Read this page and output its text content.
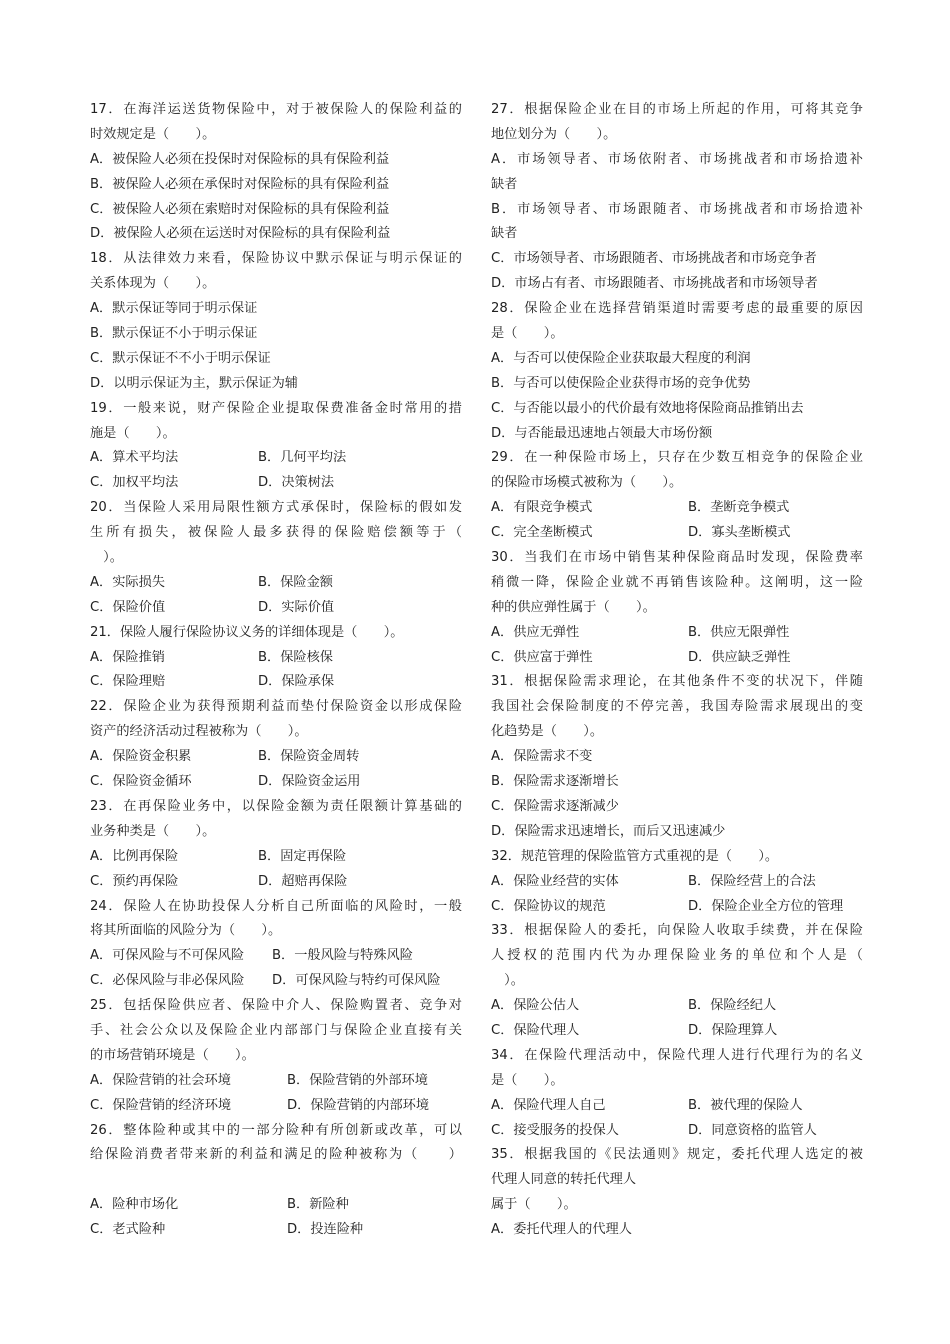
17．在海洋运送货物保险中，对于被保险人的保险利益的
时效规定是（　　）。
A．被保险人必须在投保时对保险标的具有保险利益
B．被保险人必须在承保时对保险标的具有保险利益
C．被保险人必须在索赔时对保险标的具有保险利益
D．被保险人必须在运送时对保险标的具有保险利益
18．从法律效力来看，保险协议中默示保证与明示保证的
关系体现为（　　）。
A．默示保证等同于明示保证
B．默示保证不小于明示保证
C．默示保证不不小于明示保证
D．以明示保证为主，默示保证为辅
19．一般来说，财产保险企业提取保费准备金时常用的措
施是（　　）。
A．算术平均法	B．几何平均法
C．加权平均法	D．决策树法
20．当保险人采用局限性额方式承保时，保险标的假如发
生所有损失，被保险人最多获得的保险赔偿额等于（
　）。
A．实际损失	B．保险金额
C．保险价值	D．实际价值
21．保险人履行保险协议义务的详细体现是（　　）。
A．保险推销	B．保险核保
C．保险理赔	D．保险承保
22．保险企业为获得预期利益而垫付保险资金以形成保险
资产的经济活动过程被称为（　　）。
A．保险资金积累	B．保险资金周转
C．保险资金循环	D．保险资金运用
23．在再保险业务中，以保险金额为责任限额计算基础的
业务种类是（　　）。
A．比例再保险	B．固定再保险
C．预约再保险	D．超赔再保险
24．保险人在协助投保人分析自己所面临的风险时，一般
将其所面临的风险分为（　　）。
A．可保风险与不可保风险	B．一般风险与特殊风险
C．必保风险与非必保风险	D．可保风险与特约可保风险
25．包括保险供应者、保险中介人、保险购置者、竞争对
手、社会公众以及保险企业内部部门与保险企业直接有关
的市场营销环境是（　　）。
A．保险营销的社会环境	B．保险营销的外部环境
C．保险营销的经济环境	D．保险营销的内部环境
26．整体险种或其中的一部分险种有所创新或改革，可以
给保险消费者带来新的利益和满足的险种被称为（　　）
A．险种市场化	B．新险种
C．老式险种	D．投连险种
27．根据保险企业在目的市场上所起的作用，可将其竞争
地位划分为（　　）。
A．市场领导者、市场依附者、市场挑战者和市场拾遗补
缺者
B．市场领导者、市场跟随者、市场挑战者和市场拾遗补
缺者
C．市场领导者、市场跟随者、市场挑战者和市场竞争者
D．市场占有者、市场跟随者、市场挑战者和市场领导者
28．保险企业在选择营销渠道时需要考虑的最重要的原因
是（　　）。
A．与否可以使保险企业获取最大程度的利润
B．与否可以使保险企业获得市场的竞争优势
C．与否能以最小的代价最有效地将保险商品推销出去
D．与否能最迅速地占领最大市场份额
29．在一种保险市场上，只存在少数互相竞争的保险企业
的保险市场模式被称为（　　）。
A．有限竞争模式	B．垄断竞争模式
C．完全垄断模式	D．寡头垄断模式
30．当我们在市场中销售某种保险商品时发现，保险费率
稍微一降，保险企业就不再销售该险种。这阐明，这一险
种的供应弹性属于（　　）。
A．供应无弹性	B．供应无限弹性
C．供应富于弹性	D．供应缺乏弹性
31．根据保险需求理论，在其他条件不变的状况下，伴随
我国社会保险制度的不停完善，我国寿险需求展现出的变
化趋势是（　　）。
A．保险需求不变
B．保险需求逐渐增长
C．保险需求逐渐减少
D．保险需求迅速增长，而后又迅速减少
32．规范管理的保险监管方式重视的是（　　）。
A．保险业经营的实体	B．保险经营上的合法
C．保险协议的规范	D．保险企业全方位的管理
33．根据保险人的委托，向保险人收取手续费，并在保险
人授权的范围内代为办理保险业务的单位和个人是（
　）。
A．保险公估人	B．保险经纪人
C．保险代理人	D．保险理算人
34．在保险代理活动中，保险代理人进行代理行为的名义
是（　　）。
A．保险代理人自己	B．被代理的保险人
C．接受服务的投保人	D．同意资格的监管人
35．根据我国的《民法通则》规定，委托代理人选定的被
代理人同意的转托代理人
属于（　　）。
A．委托代理人的代理人
